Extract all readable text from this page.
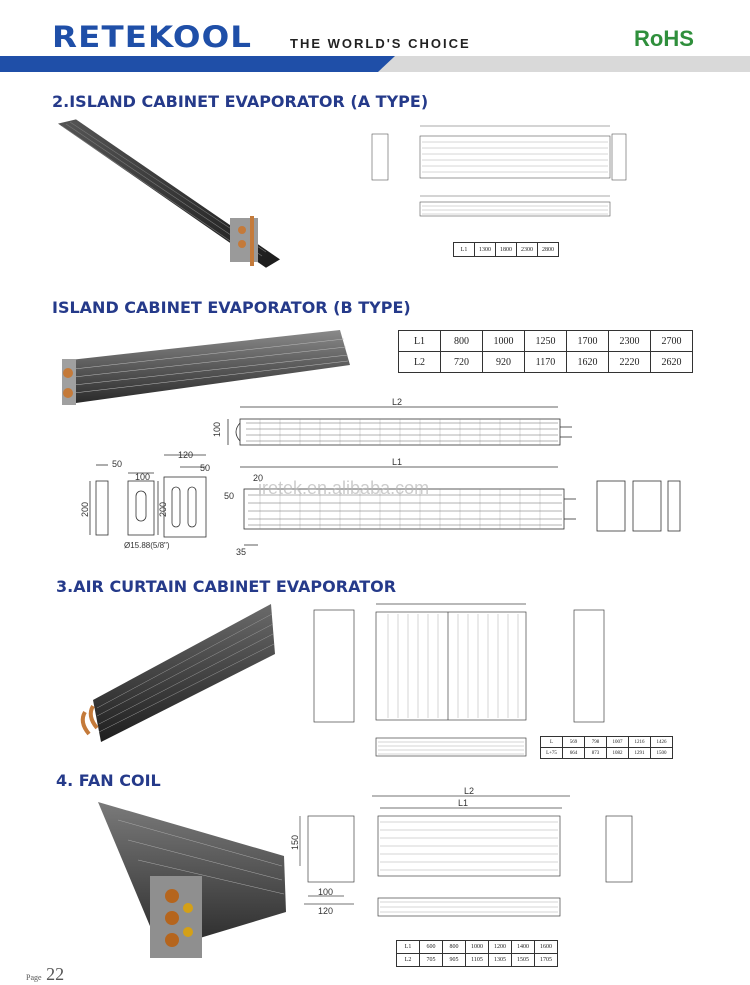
RETEKOOL	THE WORLD'S CHOICE	RoHS
2.ISLAND CABINET EVAPORATOR (A TYPE)
L1	1300	1800	2300	2800
ISLAND CABINET EVAPORATOR (B TYPE)
L1	800	1000	1250	1700	2300	2700
L2	720	920	1170	1620	2220	2620
L2
L1
100
200	200
50
100
120
50
20
35
50
Ø15.88(5/8")
iretek.en.alibaba.com
3.AIR CURTAIN CABINET EVAPORATOR
L	569	798	1007	1216	1426
L+75	664	873	1082	1291	1500
4. FAN COIL
L2
L1
150
100
120
L1	600	800	1000	1200	1400	1600
L2	705	905	1105	1305	1505	1705
Page 22
